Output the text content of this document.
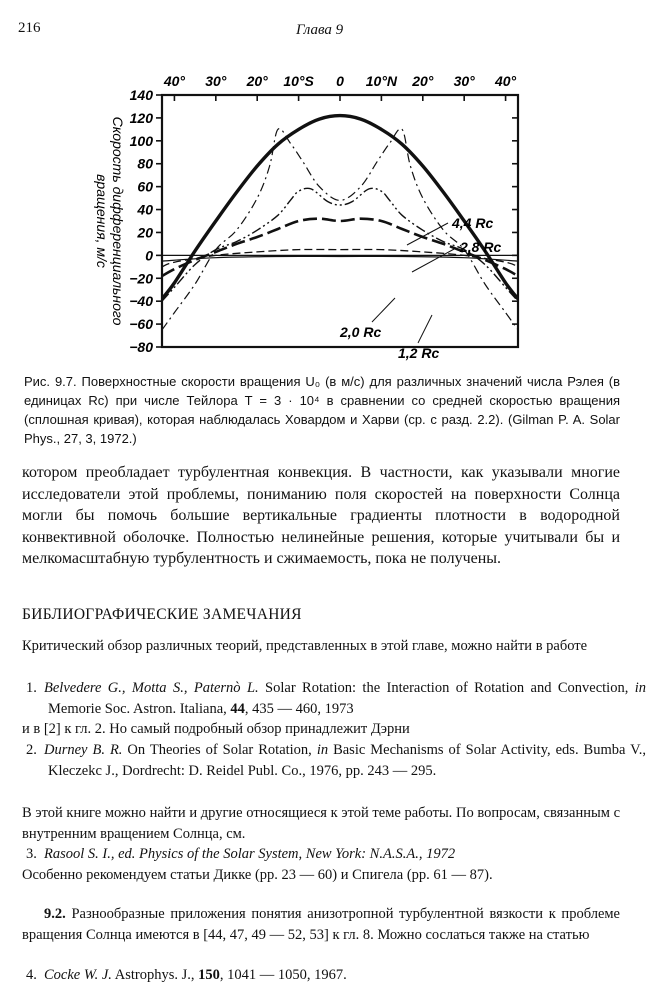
216	Глава 9
140
120
100
80
60
40
20
0
−20
−40
−60
−80
40° 30° 20° 10°S 0 10°N 20° 30° 40°
Скорость дифференциального
вращения, м/с	4,4 Rc
2,8 Rc
2,0 Rc
1,2 Rc

Рис. 9.7. Поверхностные скорости вращения U₀ (в м/с) для различных значений числа Рэлея (в единицах Rc) при числе Тейлора T = 3 · 10⁴ в сравнении со средней скоростью вращения (сплошная кривая), которая наблюдалась Ховардом и Харви (ср. с разд. 2.2). (Gilman P. A. Solar Phys., 27, 3, 1972.)

котором преобладает турбулентная конвекция. В частности, как указывали многие исследователи этой проблемы, пониманию поля скоростей на поверхности Солнца могли бы помочь большие вертикальные градиенты плотности в водородной конвективной оболочке. Полностью нелинейные решения, которые учитывали бы и мелкомасштабную турбулентность и сжимаемость, пока не получены.

БИБЛИОГРАФИЧЕСКИЕ ЗАМЕЧАНИЯ

Критический обзор различных теорий, представленных в этой главе, можно найти в работе

1. Belvedere G., Motta S., Paternò L. Solar Rotation: the Interaction of Rotation and Convection, in Memorie Soc. Astron. Italiana, 44, 435 — 460, 1973

и в [2] к гл. 2. Но самый подробный обзор принадлежит Дэрни

2. Durney B. R. On Theories of Solar Rotation, in Basic Mechanisms of Solar Activity, eds. Bumba V., Kleczekc J., Dordrecht: D. Reidel Publ. Co., 1976, pp. 243 — 295.

В этой книге можно найти и другие относящиеся к этой теме работы. По вопросам, связанным с внутренним вращением Солнца, см.

3. Rasool S. I., ed. Physics of the Solar System, New York: N.A.S.A., 1972

Особенно рекомендуем статьи Дикке (pp. 23 — 60) и Спигела (pp. 61 — 87).

9.2. Разнообразные приложения понятия анизотропной турбулентной вязкости к проблеме вращения Солнца имеются в [44, 47, 49 — 52, 53] к гл. 8. Можно сослаться также на статью

4. Cocke W. J. Astrophys. J., 150, 1041 — 1050, 1967.
